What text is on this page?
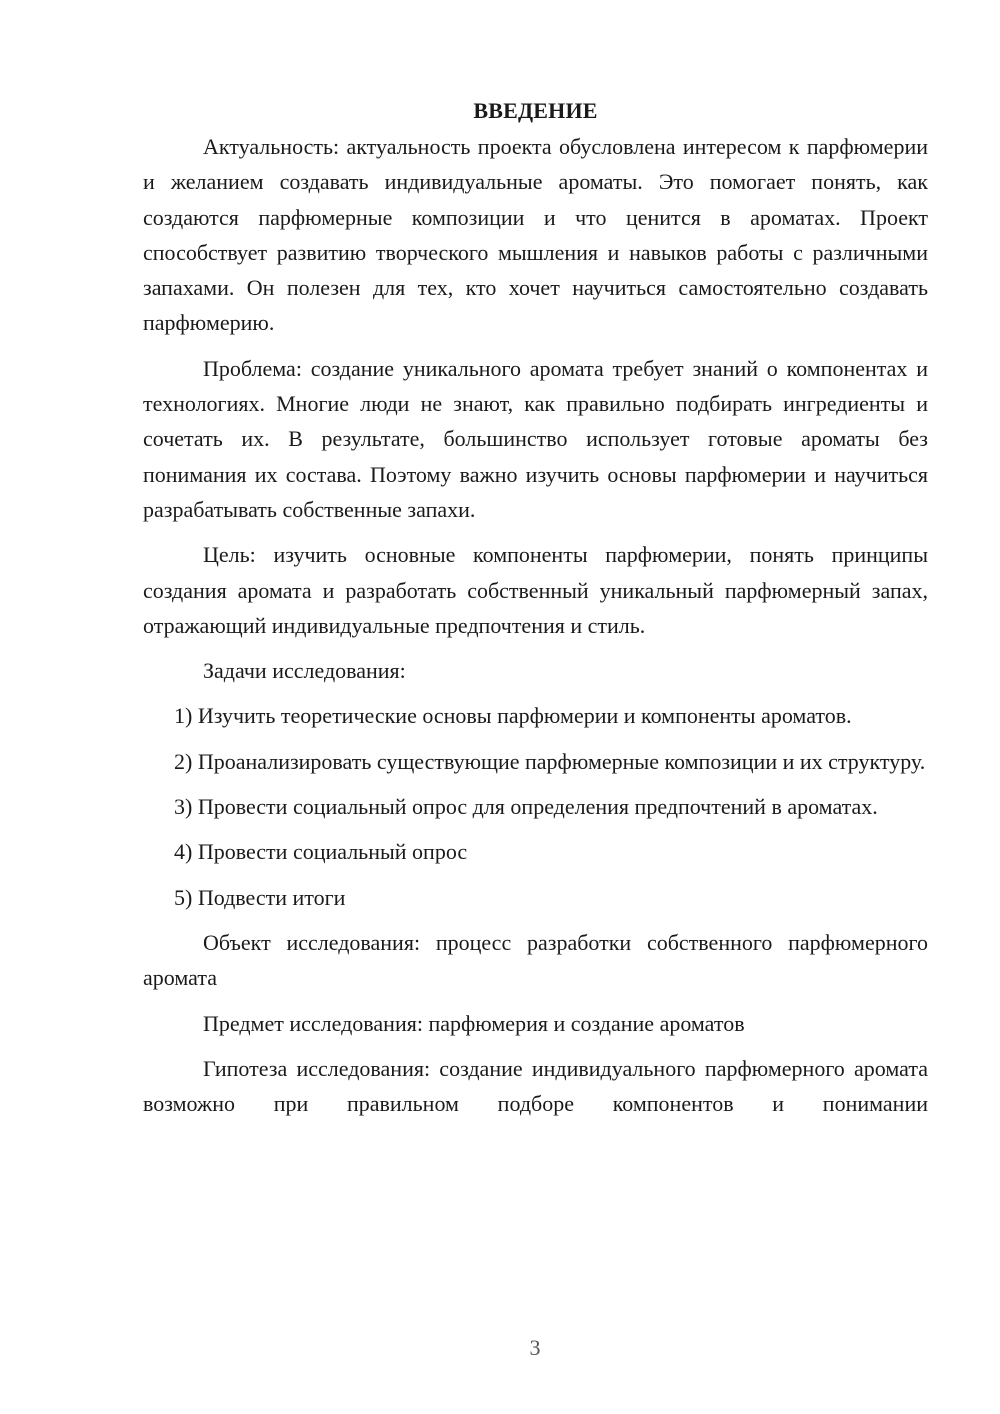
ВВЕДЕНИЕ

Актуальность: актуальность проекта обусловлена интересом к парфюмерии и желанием создавать индивидуальные ароматы. Это помогает понять, как создаются парфюмерные композиции и что ценится в ароматах. Проект способствует развитию творческого мышления и навыков работы с различными запахами. Он полезен для тех, кто хочет научиться самостоятельно создавать парфюмерию.

Проблема: создание уникального аромата требует знаний о компонентах и технологиях. Многие люди не знают, как правильно подбирать ингредиенты и сочетать их. В результате, большинство использует готовые ароматы без понимания их состава. Поэтому важно изучить основы парфюмерии и научиться разрабатывать собственные запахи.

Цель: изучить основные компоненты парфюмерии, понять принципы создания аромата и разработать собственный уникальный парфюмерный запах, отражающий индивидуальные предпочтения и стиль.

Задачи исследования:

1) Изучить теоретические основы парфюмерии и компоненты ароматов.

2) Проанализировать существующие парфюмерные композиции и их структуру.

3) Провести социальный опрос для определения предпочтений в ароматах.

4) Провести социальный опрос

5) Подвести итоги

Объект исследования: процесс разработки собственного парфюмерного аромата

Предмет исследования: парфюмерия и создание ароматов

Гипотеза исследования: создание индивидуального парфюмерного аромата возможно при правильном подборе компонентов и понимании

3
